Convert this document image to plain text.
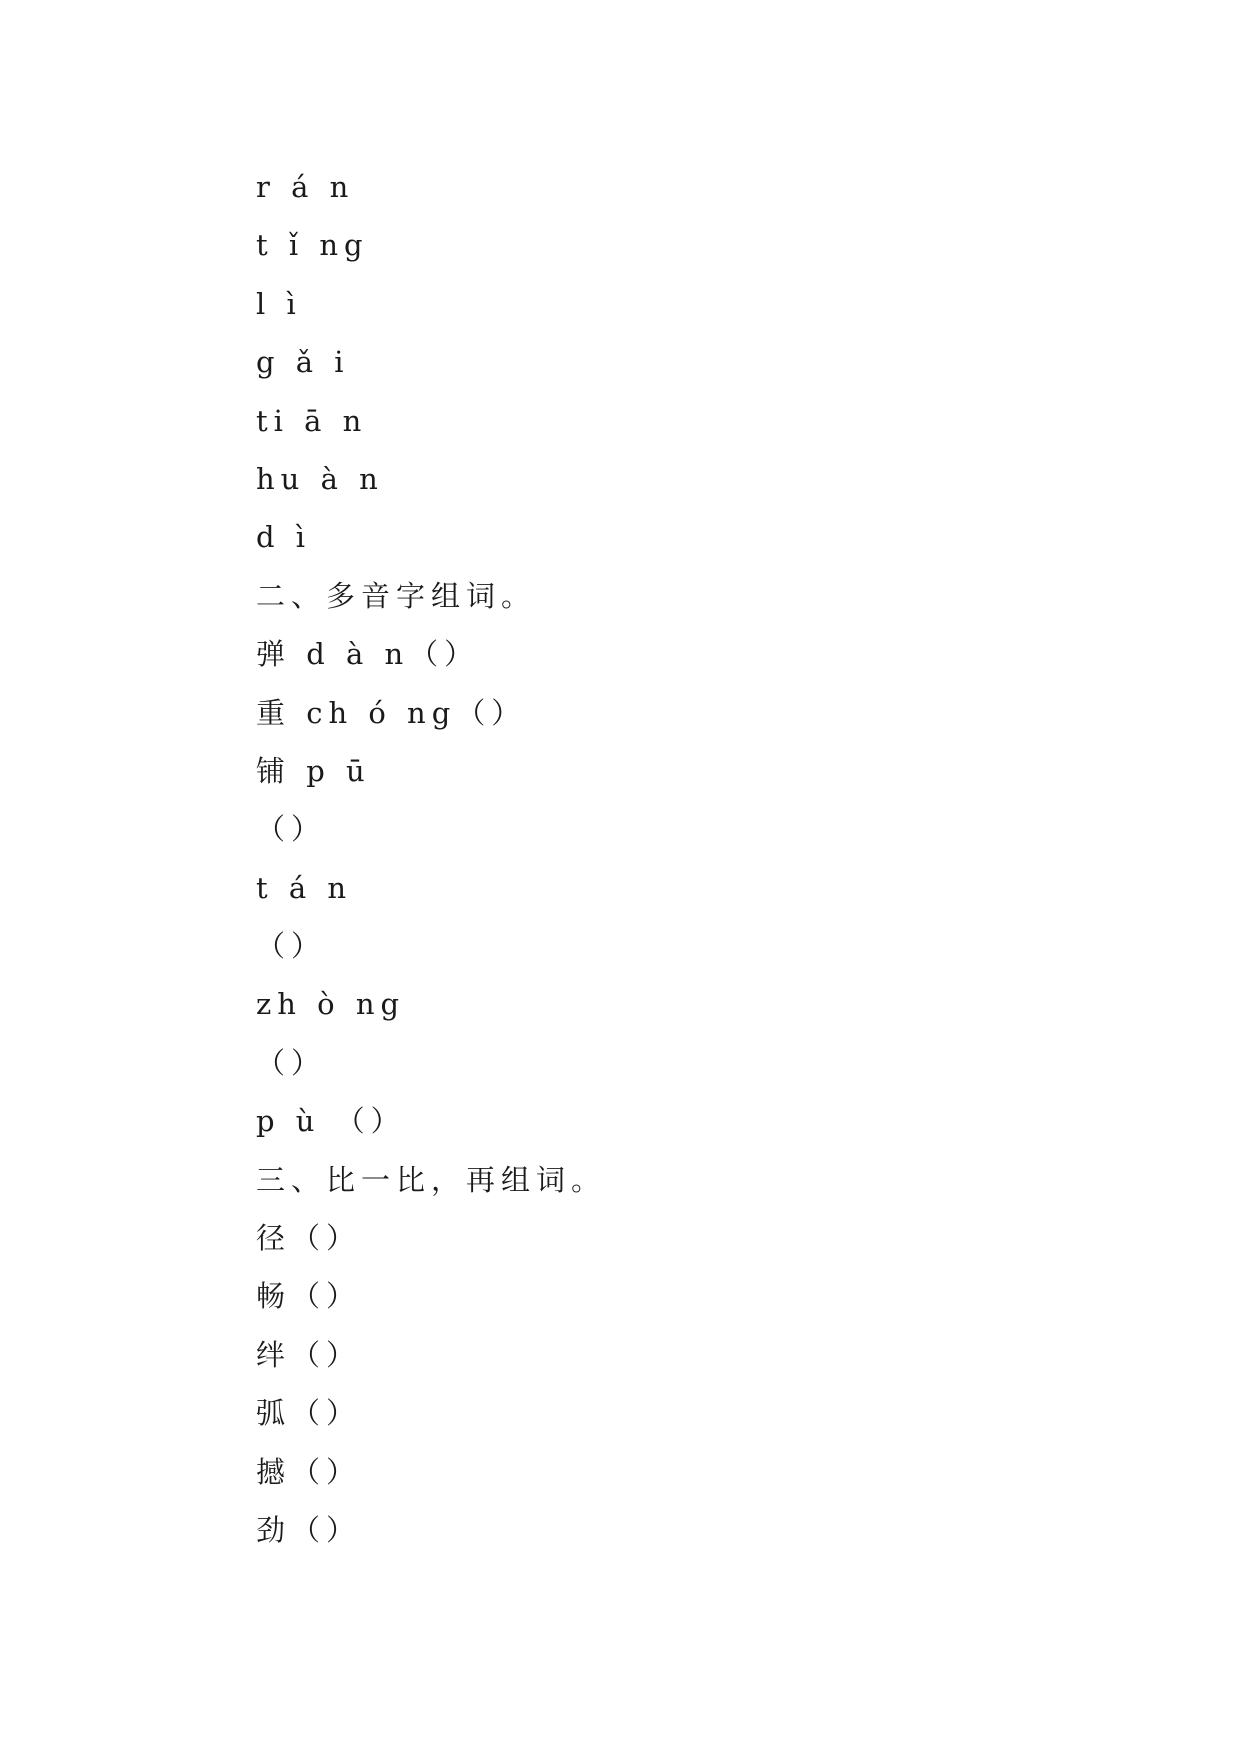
r á n
t ǐ ng
l ì
g ǎ i
ti ā n
hu à n
d ì
二、多音字组词。
弹 d à n（）
重 ch ó ng（）
铺 p ū
（）
t á n
（）
zh ò ng
（）
p ù （）
三、比一比，再组词。
径（）
畅（）
绊（）
弧（）
撼（）
劲（）
